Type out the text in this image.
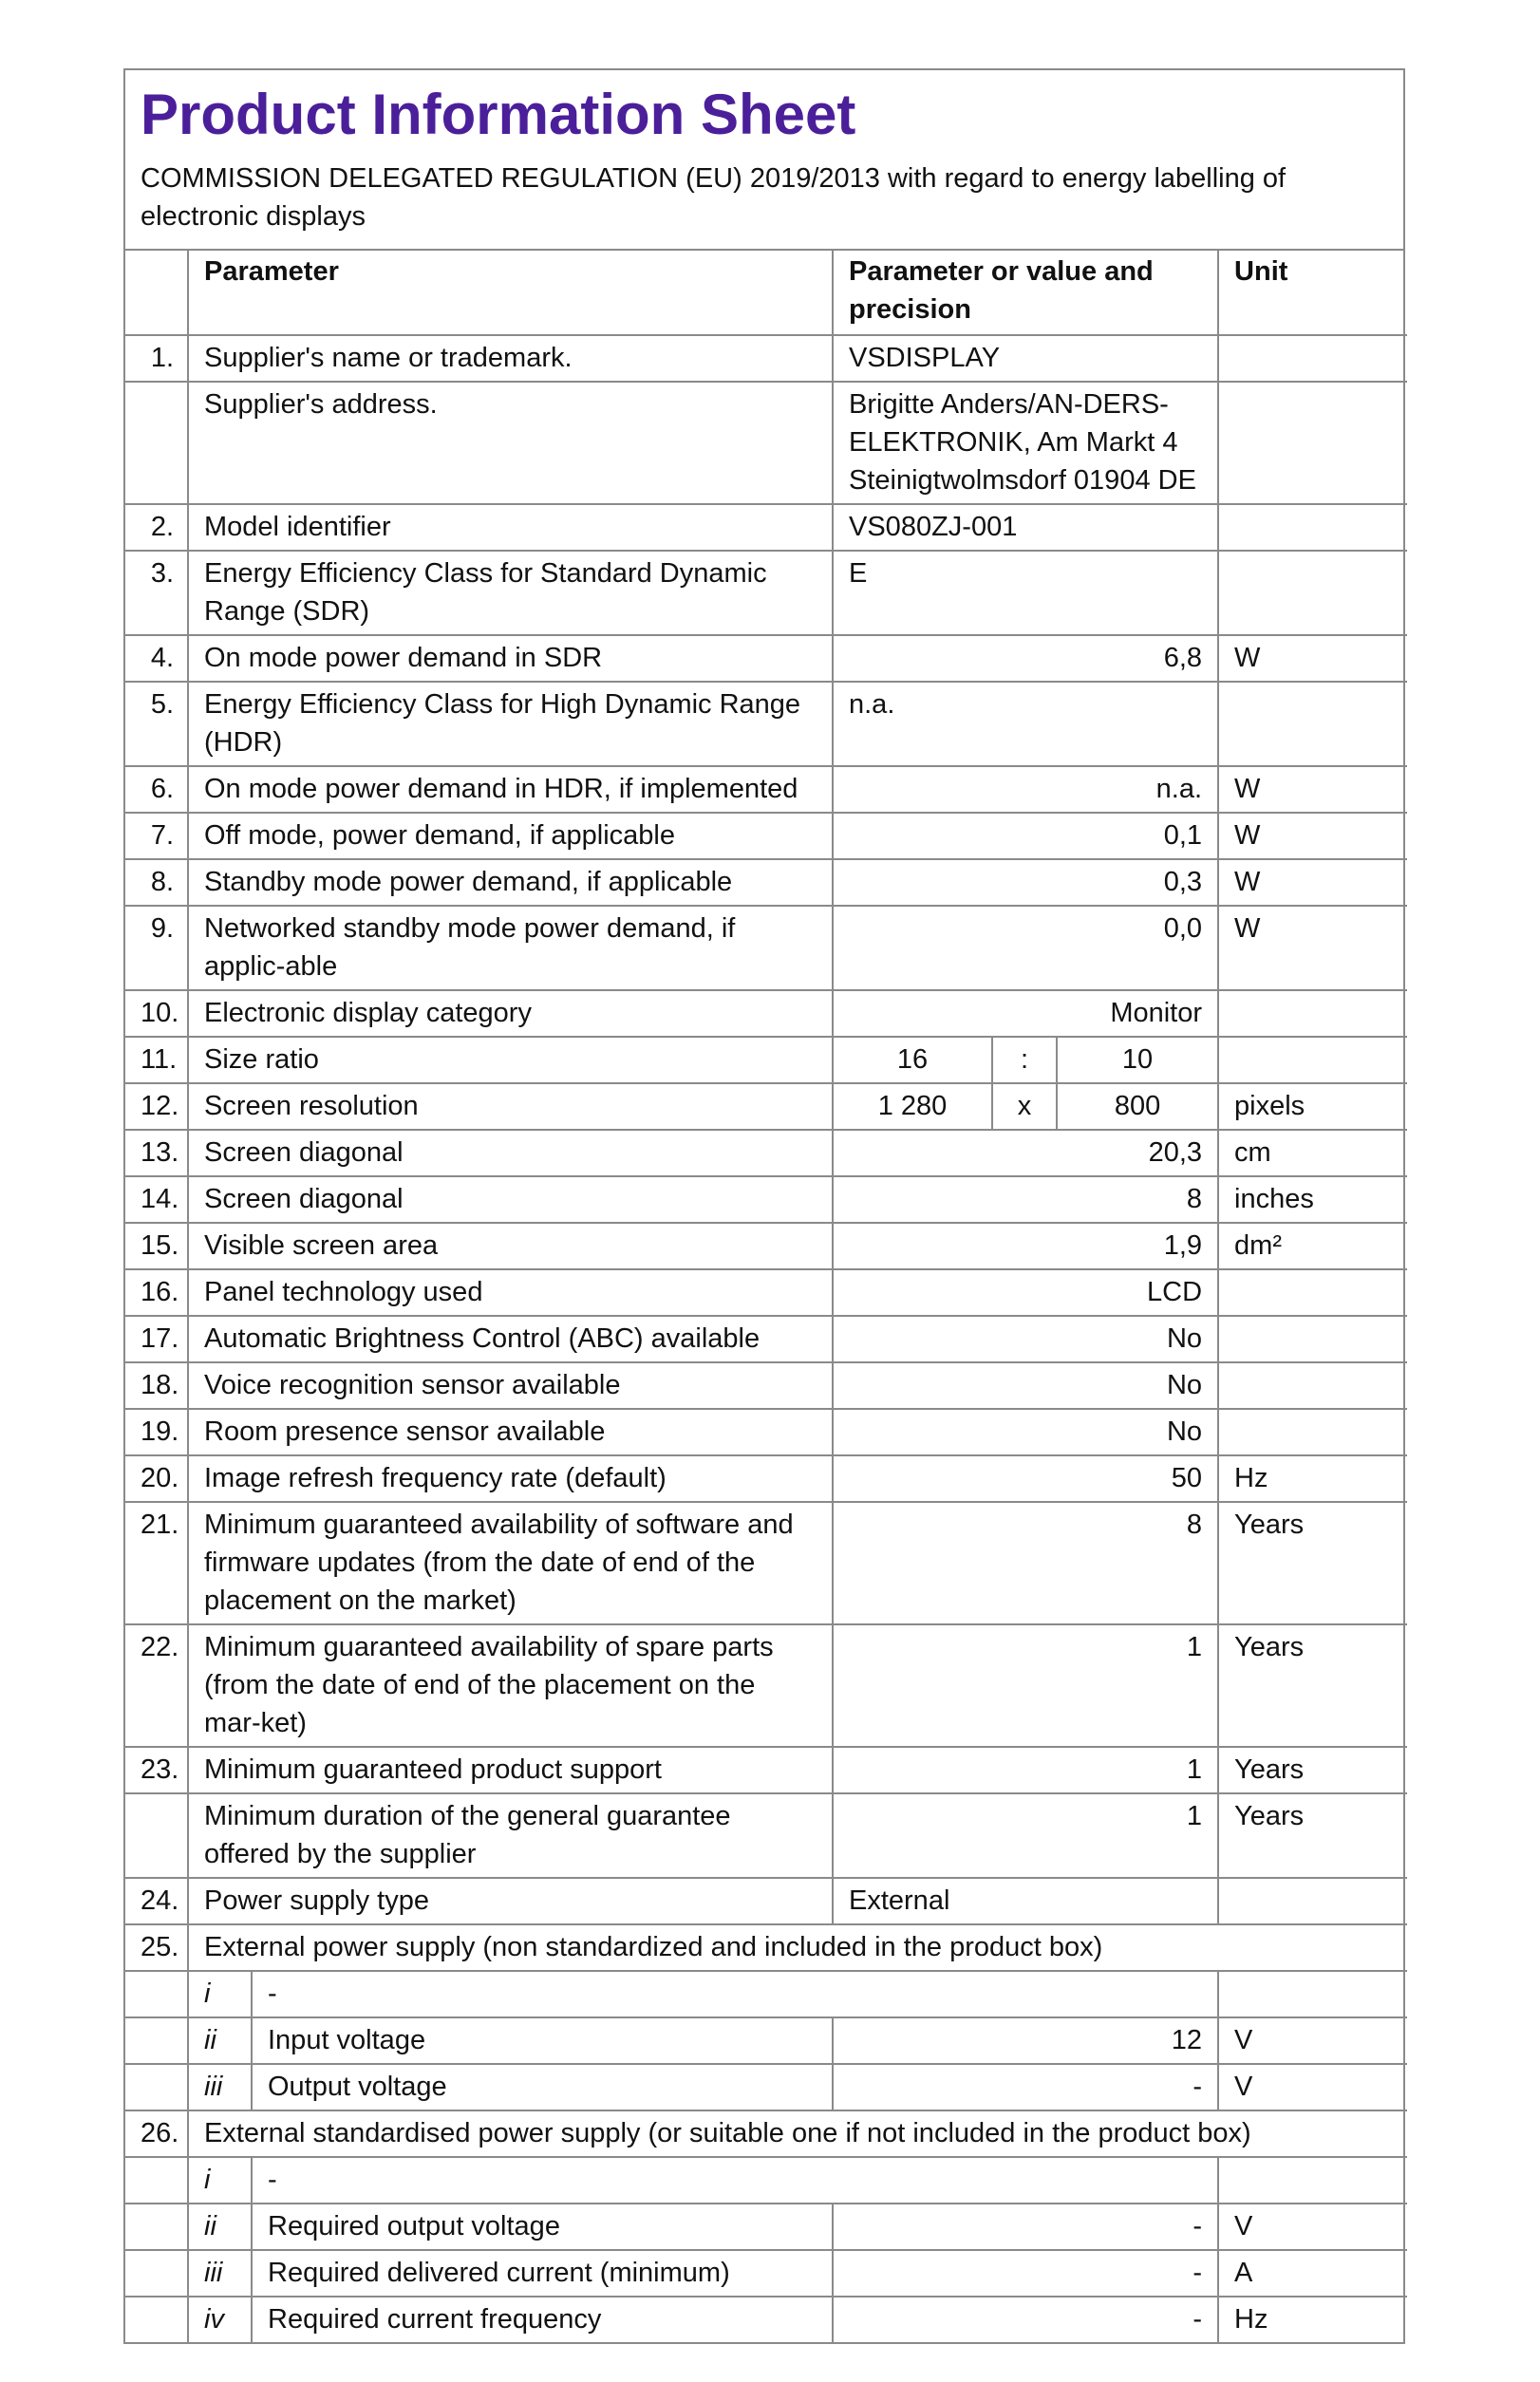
Product Information Sheet
COMMISSION DELEGATED REGULATION (EU) 2019/2013 with regard to energy labelling of electronic displays
	Parameter		Parameter or value and precision			Unit
1.	Supplier's name or trademark.		VSDISPLAY			
	Supplier's address.		Brigitte Anders/AN-DERS-ELEKTRONIK, Am Markt 4 Steinigtwolmsdorf 01904 DE			
2.	Model identifier		VS080ZJ-001			
3.	Energy Efficiency Class for Standard Dynamic Range (SDR)		E			
4.	On mode power demand in SDR		6,8			W
5.	Energy Efficiency Class for High Dynamic Range (HDR)		n.a.			
6.	On mode power demand in HDR, if implemented		n.a.			W
7.	Off mode, power demand, if applicable		0,1			W
8.	Standby mode power demand, if applicable		0,3			W
9.	Networked standby mode power demand, if applic-able		0,0			W
10.	Electronic display category		Monitor			
11.	Size ratio		16	:	10	
12.	Screen resolution		1 280	x	800	pixels
13.	Screen diagonal		20,3			cm
14.	Screen diagonal		8			inches
15.	Visible screen area		1,9			dm²
16.	Panel technology used		LCD			
17.	Automatic Brightness Control (ABC) available		No			
18.	Voice recognition sensor available		No			
19.	Room presence sensor available		No			
20.	Image refresh frequency rate (default)		50			Hz
21.	Minimum guaranteed availability of software and firmware updates (from the date of end of the placement on the market)		8			Years
22.	Minimum guaranteed availability of spare parts (from the date of end of the placement on the mar-ket)		1			Years
23.	Minimum guaranteed product support		1			Years
	Minimum duration of the general guarantee offered by the supplier		1			Years
24.	Power supply type		External			
25.	External power supply (non standardized and included in the product box)					
	i	-				
	ii	Input voltage	12			V
	iii	Output voltage	-			V
26.	External standardised power supply (or suitable one if not included in the product box)					
	i	-				
	ii	Required output voltage	-			V
	iii	Required delivered current (minimum)	-			A
	iv	Required current frequency	-			Hz
